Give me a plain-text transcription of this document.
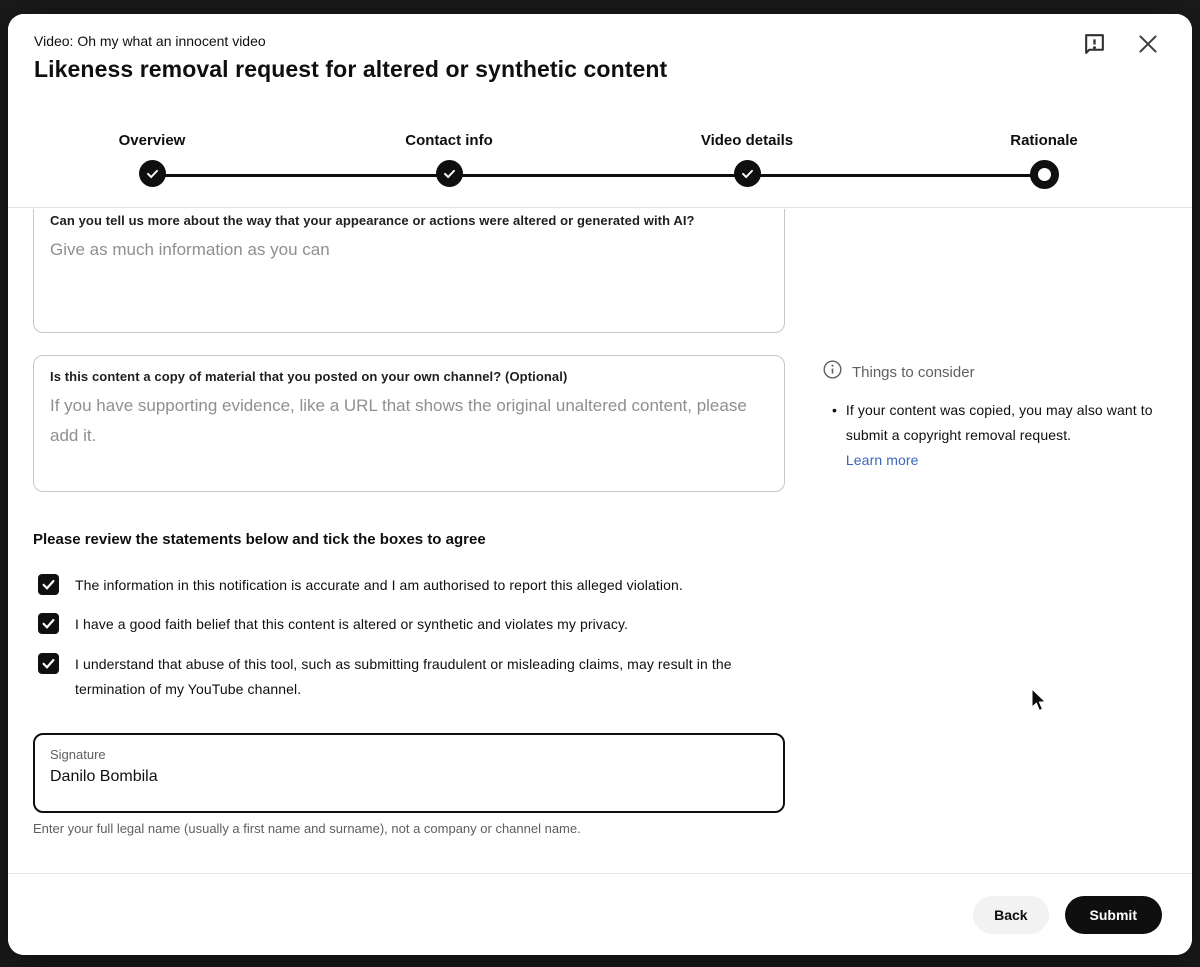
Video: Oh my what an innocent video
Likeness removal request for altered or synthetic content
Overview	Contact info	Video details	Rationale
Can you tell us more about the way that your appearance or actions were altered or generated with AI?
Give as much information as you can
Is this content a copy of material that you posted on your own channel? (Optional)
If you have supporting evidence, like a URL that shows the original unaltered content, please add it.
Please review the statements below and tick the boxes to agree
The information in this notification is accurate and I am authorised to report this alleged violation.
I have a good faith belief that this content is altered or synthetic and violates my privacy.
I understand that abuse of this tool, such as submitting fraudulent or misleading claims, may result in the termination of my YouTube channel.
Signature
Danilo Bombila
Enter your full legal name (usually a first name and surname), not a company or channel name.
Things to consider
• If your content was copied, you may also want to submit a copyright removal request.
Learn more
Back	Submit
